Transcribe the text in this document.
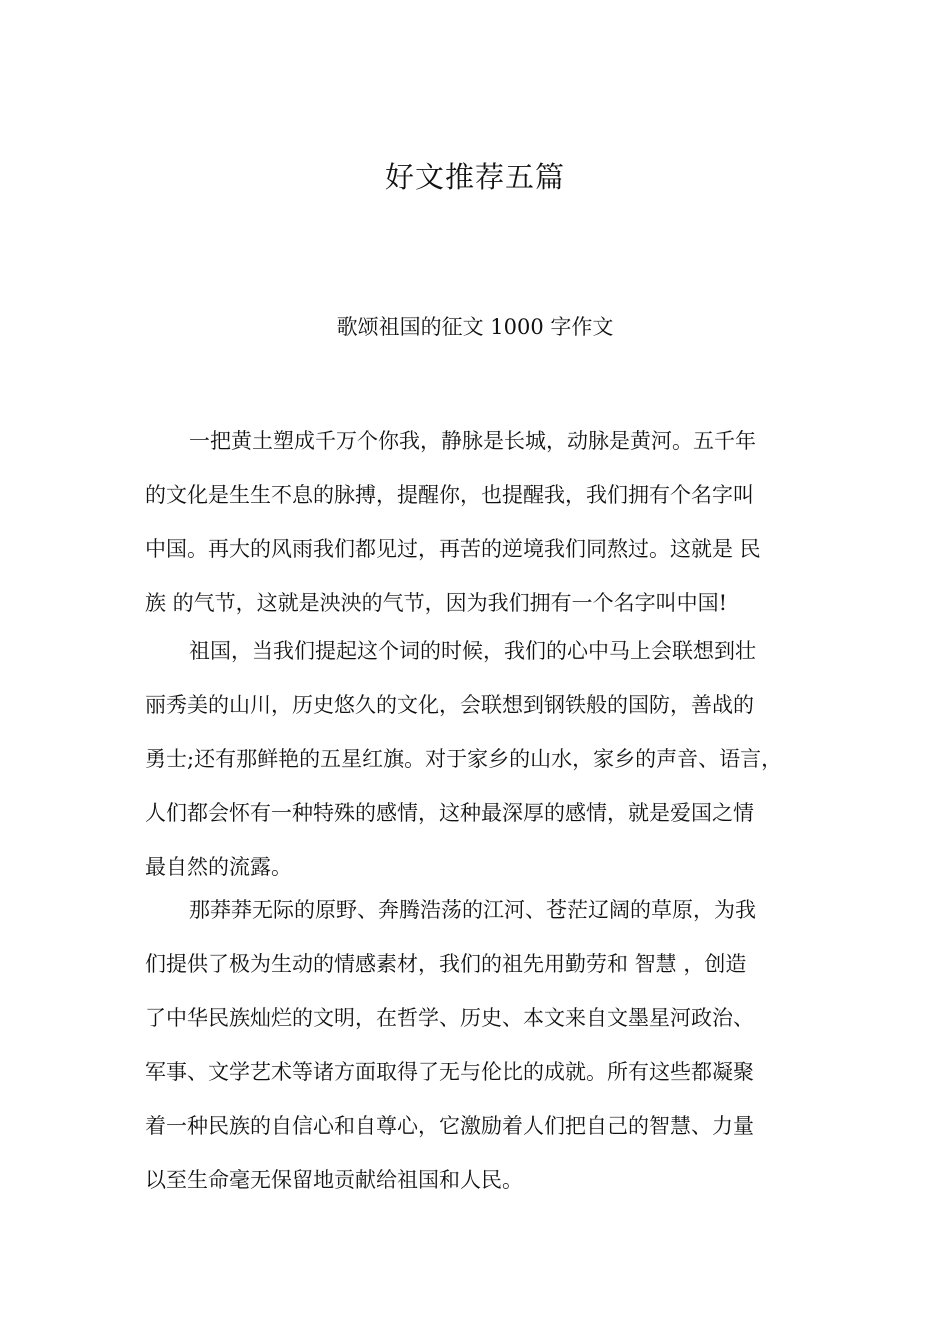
好文推荐五篇
歌颂祖国的征文 1000 字作文

一把黄土塑成千万个你我，静脉是长城，动脉是黄河。五千年
的文化是生生不息的脉搏，提醒你，也提醒我，我们拥有个名字叫
中国。再大的风雨我们都见过，再苦的逆境我们同熬过。这就是 民
族 的气节，这就是泱泱的气节，因为我们拥有一个名字叫中国!

祖国，当我们提起这个词的时候，我们的心中马上会联想到壮
丽秀美的山川，历史悠久的文化，会联想到钢铁般的国防，善战的
勇士;还有那鲜艳的五星红旗。对于家乡的山水，家乡的声音、语言，
人们都会怀有一种特殊的感情，这种最深厚的感情，就是爱国之情
最自然的流露。

那莽莽无际的原野、奔腾浩荡的江河、苍茫辽阔的草原，为我
们提供了极为生动的情感素材，我们的祖先用勤劳和 智慧 ，创造
了中华民族灿烂的文明，在哲学、历史、本文来自文墨星河政治、
军事、文学艺术等诸方面取得了无与伦比的成就。所有这些都凝聚
着一种民族的自信心和自尊心，它激励着人们把自己的智慧、力量
以至生命毫无保留地贡献给祖国和人民。
